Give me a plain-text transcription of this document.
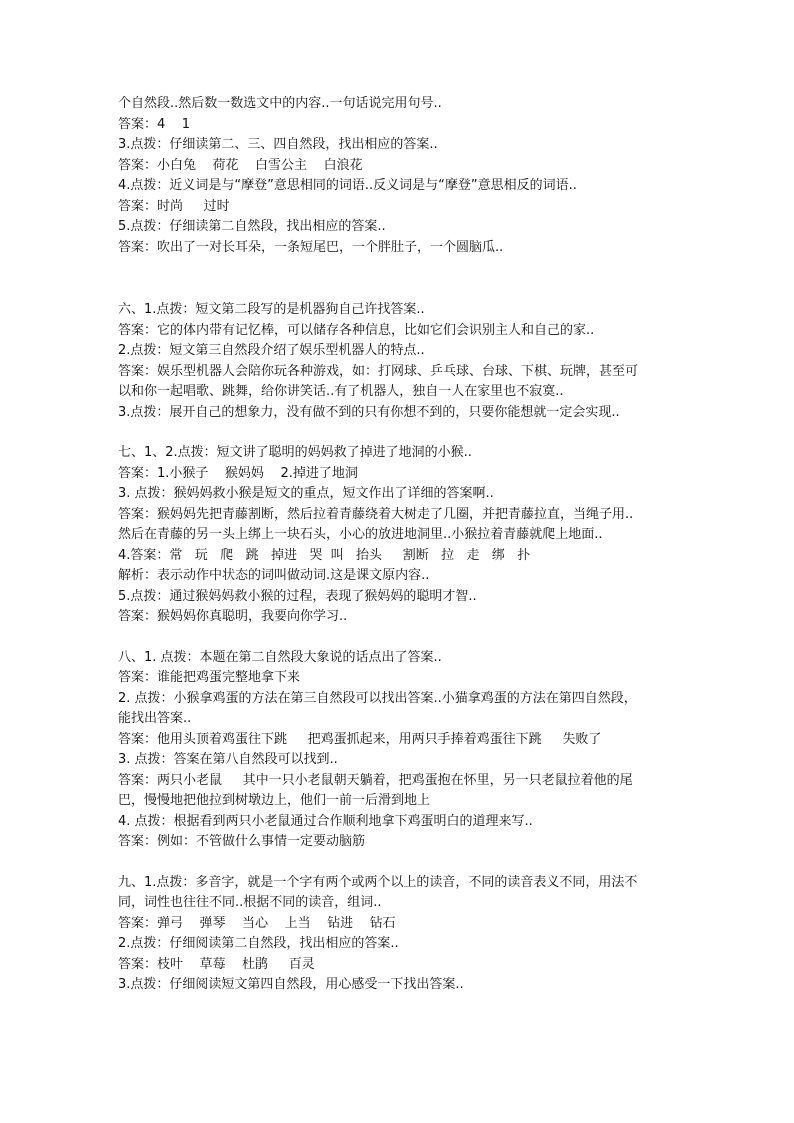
个自然段..然后数一数选文中的内容..一句话说完用句号..
答案：4    1
3.点拨：仔细读第二、三、四自然段，找出相应的答案..
答案：小白兔    荷花    白雪公主    白浪花
4.点拨：近义词是与“摩登”意思相同的词语..反义词是与“摩登”意思相反的词语..
答案：时尚     过时
5.点拨：仔细读第二自然段，找出相应的答案..
答案：吹出了一对长耳朵，一条短尾巴，一个胖肚子，一个圆脑瓜..
六、1.点拨：短文第二段写的是机器狗自己许找答案..
答案：它的体内带有记忆棒，可以储存各种信息，比如它们会识别主人和自己的家..
2.点拨：短文第三自然段介绍了娱乐型机器人的特点..
答案：娱乐型机器人会陪你玩各种游戏，如：打网球、乒乓球、台球、下棋、玩牌，甚至可
以和你一起唱歌、跳舞，给你讲笑话..有了机器人，独自一人在家里也不寂寞..
3.点拨：展开自己的想象力，没有做不到的只有你想不到的，只要你能想就一定会实现..
七、1、2.点拨：短文讲了聪明的妈妈救了掉进了地洞的小猴..
答案：1.小猴子    猴妈妈    2.掉进了地洞
3. 点拨：猴妈妈救小猴是短文的重点，短文作出了详细的答案啊..
答案：猴妈妈先把青藤割断，然后拉着青藤绕着大树走了几圈，并把青藤拉直，当绳子用..
然后在青藤的另一头上绑上一块石头，小心的放进地洞里..小猴拉着青藤就爬上地面..
4.答案：常   玩   爬   跳   掉进   哭  叫   抬头     割断   拉   走   绑   扑
解析：表示动作中状态的词叫做动词.这是课文原内容..
5.点拨：通过猴妈妈救小猴的过程，表现了猴妈妈的聪明才智..
答案：猴妈妈你真聪明，我要向你学习..
八、1. 点拨：本题在第二自然段大象说的话点出了答案..
答案：谁能把鸡蛋完整地拿下来
2. 点拨：小猴拿鸡蛋的方法在第三自然段可以找出答案..小猫拿鸡蛋的方法在第四自然段，
能找出答案..
答案：他用头顶着鸡蛋往下跳     把鸡蛋抓起来，用两只手捧着鸡蛋往下跳     失败了
3. 点拨：答案在第八自然段可以找到..
答案：两只小老鼠     其中一只小老鼠朝天躺着，把鸡蛋抱在怀里，另一只老鼠拉着他的尾
巴，慢慢地把他拉到树墩边上，他们一前一后滑到地上
4. 点拨：根据看到两只小老鼠通过合作顺利地拿下鸡蛋明白的道理来写..
答案：例如：不管做什么事情一定要动脑筋
九、1.点拨：多音字，就是一个字有两个或两个以上的读音，不同的读音表义不同，用法不
同，词性也往往不同..根据不同的读音，组词..
答案：弹弓    弹琴    当心    上当    钻进    钻石
2.点拨：仔细阅读第二自然段，找出相应的答案..
答案：枝叶    草莓    杜鹃     百灵
3.点拨：仔细阅读短文第四自然段，用心感受一下找出答案..
